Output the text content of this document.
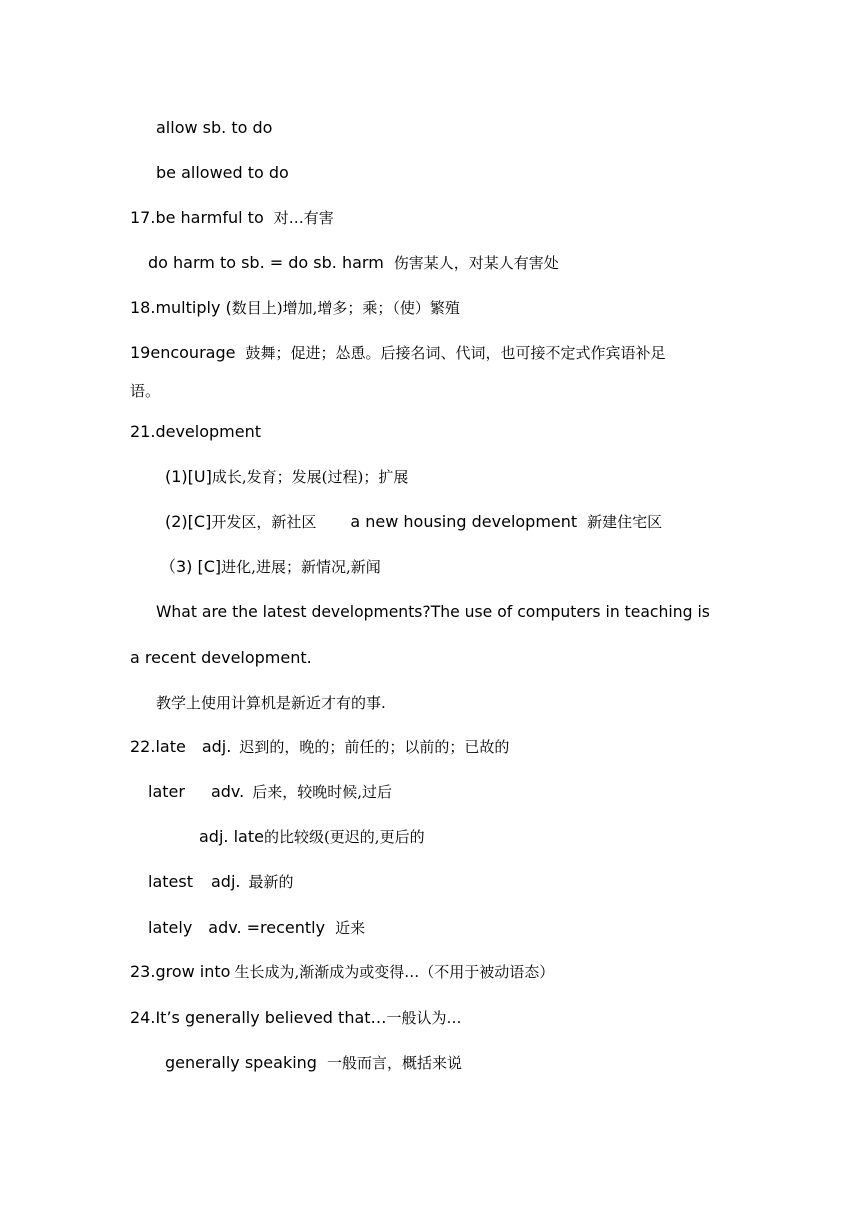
allow sb. to do
be allowed to do
17.be harmful to 对…有害
do harm to sb. = do sb. harm 伤害某人，对某人有害处
18.multiply (数目上)增加,增多；乘；（使）繁殖
19encourage 鼓舞；促进；怂恿。后接名词、代词，也可接不定式作宾语补足
语。
21.development
(1)[U]成长,发育；发展(过程)；扩展
(2)[C]开发区，新社区 a new housing development 新建住宅区
（3) [C]进化,进展；新情况,新闻
What are the latest developments?The use of computers in teaching is
a recent development.
教学上使用计算机是新近才有的事.
22.late adj. 迟到的，晚的；前任的；以前的；已故的
later adv. 后来，较晚时候,过后
adj. late的比较级(更迟的,更后的
latest adj. 最新的
lately adv. =recently 近来
23.grow into 生长成为,渐渐成为或变得…（不用于被动语态）
24.It’s generally believed that…一般认为…
generally speaking 一般而言，概括来说
